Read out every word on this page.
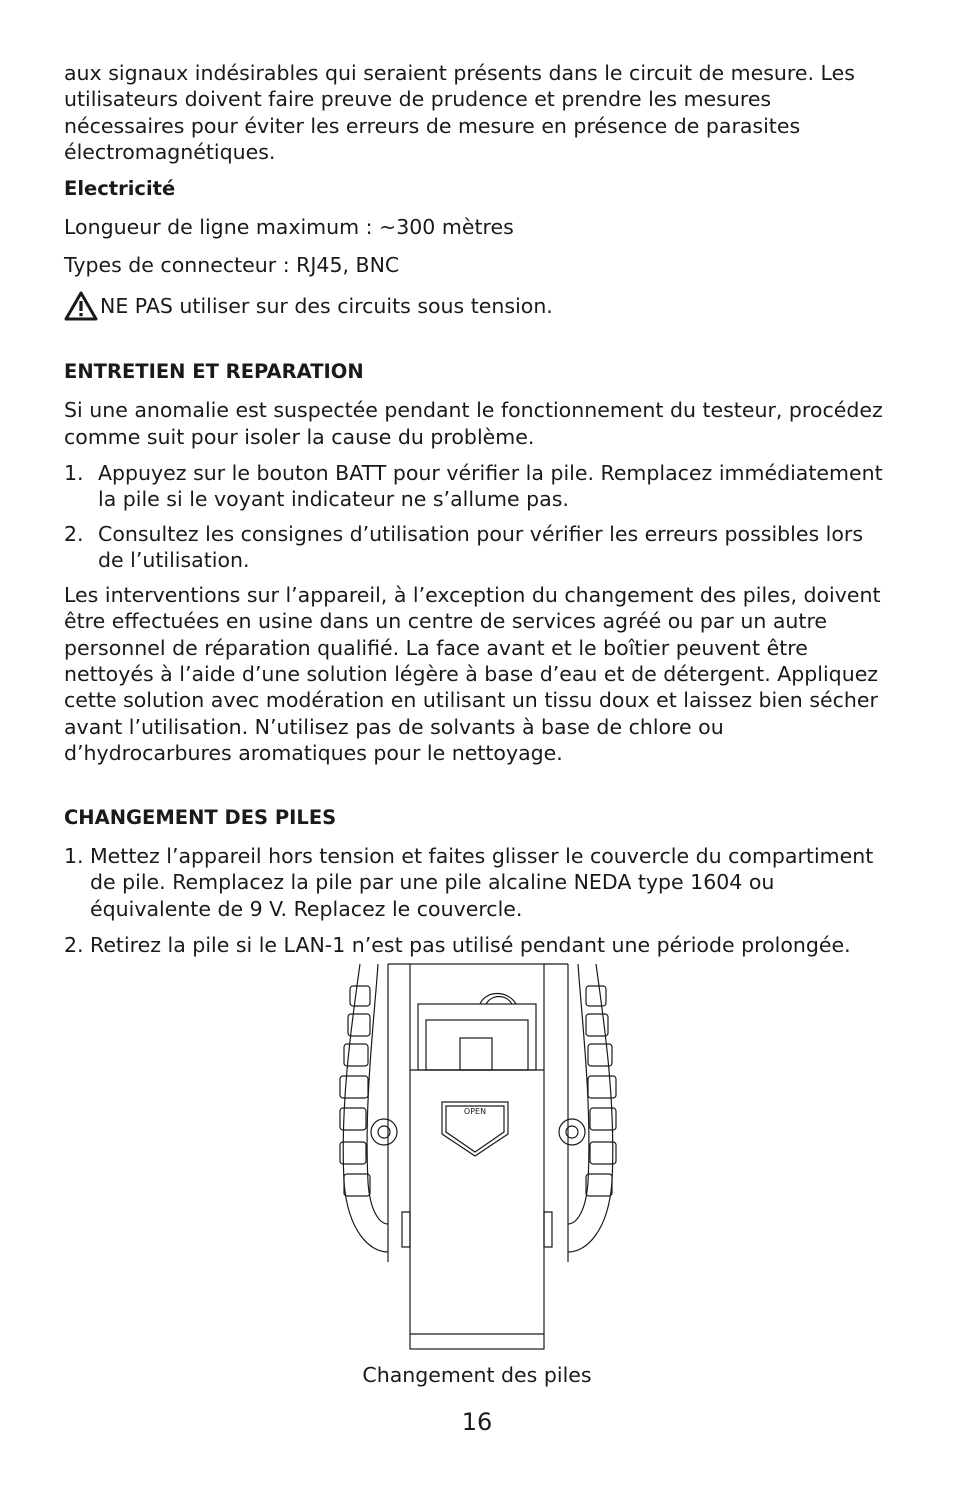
aux signaux indésirables qui seraient présents dans le circuit de mesure. Les utilisateurs doivent faire preuve de prudence et prendre les mesures nécessaires pour éviter les erreurs de mesure en présence de parasites électromagnétiques.

Electricité

Longueur de ligne maximum : ~300 mètres

Types de connecteur : RJ45, BNC

NE PAS utiliser sur des circuits sous tension.

ENTRETIEN ET REPARATION

Si une anomalie est suspectée pendant le fonctionnement du testeur, procédez comme suit pour isoler la cause du problème.

1. Appuyez sur le bouton BATT pour vérifier la pile. Remplacez immédiatement la pile si le voyant indicateur ne s’allume pas.
2. Consultez les consignes d’utilisation pour vérifier les erreurs possibles lors de l’utilisation.

Les interventions sur l’appareil, à l’exception du changement des piles, doivent être effectuées en usine dans un centre de services agréé ou par un autre personnel de réparation qualifié. La face avant et le boîtier peuvent être nettoyés à l’aide d’une solution légère à base d’eau et de détergent. Appliquez cette solution avec modération en utilisant un tissu doux et laissez bien sécher avant l’utilisation. N’utilisez pas de solvants à base de chlore ou d’hydrocarbures aromatiques pour le nettoyage.

CHANGEMENT DES PILES

1. Mettez l’appareil hors tension et faites glisser le couvercle du compartiment de pile. Remplacez la pile par une pile alcaline NEDA type 1604 ou équivalente de 9 V. Replacez le couvercle.
2. Retirez la pile si le LAN-1 n’est pas utilisé pendant une période prolongée.
OPEN

Changement des piles

16
